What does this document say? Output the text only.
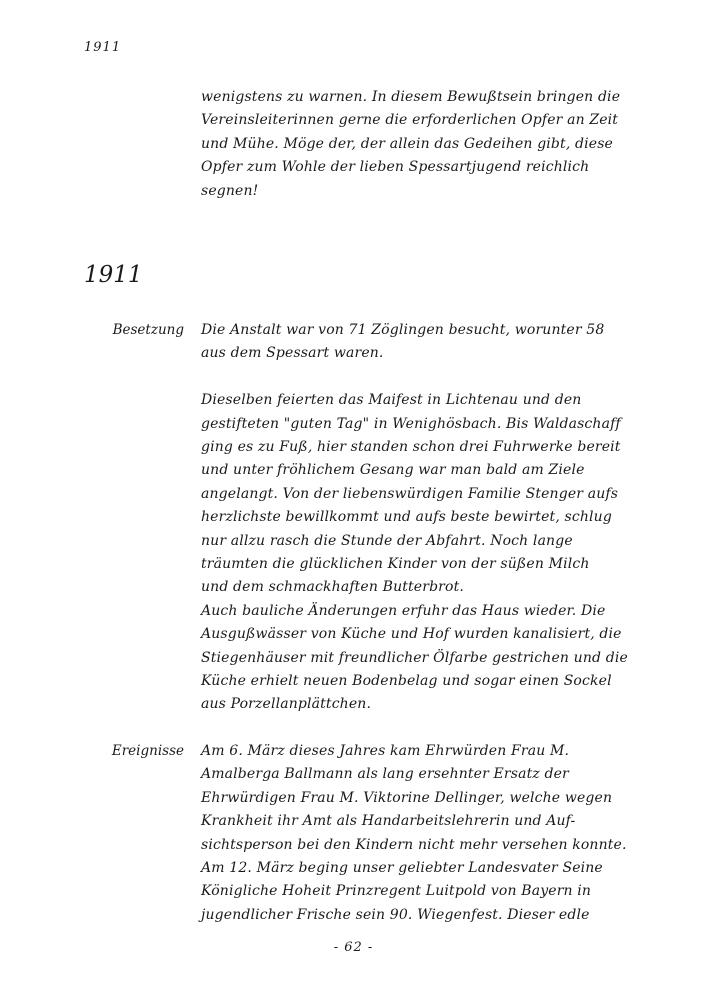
1911
wenigstens zu warnen. In diesem Bewußtsein bringen die
Vereinsleiterinnen gerne die erforderlichen Opfer an Zeit
und Mühe. Möge der, der allein das Gedeihen gibt, diese
Opfer zum Wohle der lieben Spessartjugend reichlich
segnen!
1911
Besetzung Die Anstalt war von 71 Zöglingen besucht, worunter 58
aus dem Spessart waren.
Dieselben feierten das Maifest in Lichtenau und den
gestifteten "guten Tag" in Wenighösbach. Bis Waldaschaff
ging es zu Fuß, hier standen schon drei Fuhrwerke bereit
und unter fröhlichem Gesang war man bald am Ziele
angelangt. Von der liebenswürdigen Familie Stenger aufs
herzlichste bewillkommt und aufs beste bewirtet, schlug
nur allzu rasch die Stunde der Abfahrt. Noch lange
träumten die glücklichen Kinder von der süßen Milch
und dem schmackhaften Butterbrot.
Auch bauliche Änderungen erfuhr das Haus wieder. Die
Ausgußwässer von Küche und Hof wurden kanalisiert, die
Stiegenhäuser mit freundlicher Ölfarbe gestrichen und die
Küche erhielt neuen Bodenbelag und sogar einen Sockel
aus Porzellanplättchen.
Ereignisse Am 6. März dieses Jahres kam Ehrwürden Frau M.
Amalberga Ballmann als lang ersehnter Ersatz der
Ehrwürdigen Frau M. Viktorine Dellinger, welche wegen
Krankheit ihr Amt als Handarbeitslehrerin und Auf-
sichtsperson bei den Kindern nicht mehr versehen konnte.
Am 12. März beging unser geliebter Landesvater Seine
Königliche Hoheit Prinzregent Luitpold von Bayern in
jugendlicher Frische sein 90. Wiegenfest. Dieser edle
- 62 -
